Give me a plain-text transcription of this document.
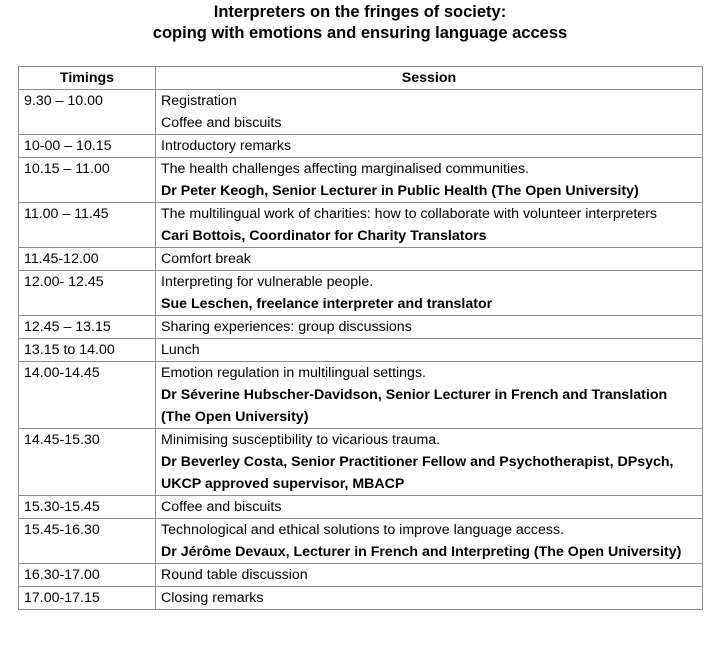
Interpreters on the fringes of society:
coping with emotions and ensuring language access
Timings	Session
9.30 – 10.00	Registration
Coffee and biscuits

10-00 – 10.15	Introductory remarks

10.15 – 11.00	The health challenges affecting marginalised communities.
Dr Peter Keogh, Senior Lecturer in Public Health (The Open University)

11.00 – 11.45	The multilingual work of charities: how to collaborate with volunteer interpreters
Cari Bottois, Coordinator for Charity Translators

11.45-12.00	Comfort break

12.00- 12.45	Interpreting for vulnerable people.
Sue Leschen, freelance interpreter and translator

12.45 – 13.15	Sharing experiences: group discussions

13.15 to 14.00	Lunch

14.00-14.45	Emotion regulation in multilingual settings.
Dr Séverine Hubscher-Davidson, Senior Lecturer in French and Translation (The Open University)

14.45-15.30	Minimising susceptibility to vicarious trauma.
Dr Beverley Costa, Senior Practitioner Fellow and Psychotherapist, DPsych, UKCP approved supervisor, MBACP

15.30-15.45	Coffee and biscuits

15.45-16.30	Technological and ethical solutions to improve language access.
Dr Jérôme Devaux, Lecturer in French and Interpreting (The Open University)

16.30-17.00	Round table discussion

17.00-17.15	Closing remarks
